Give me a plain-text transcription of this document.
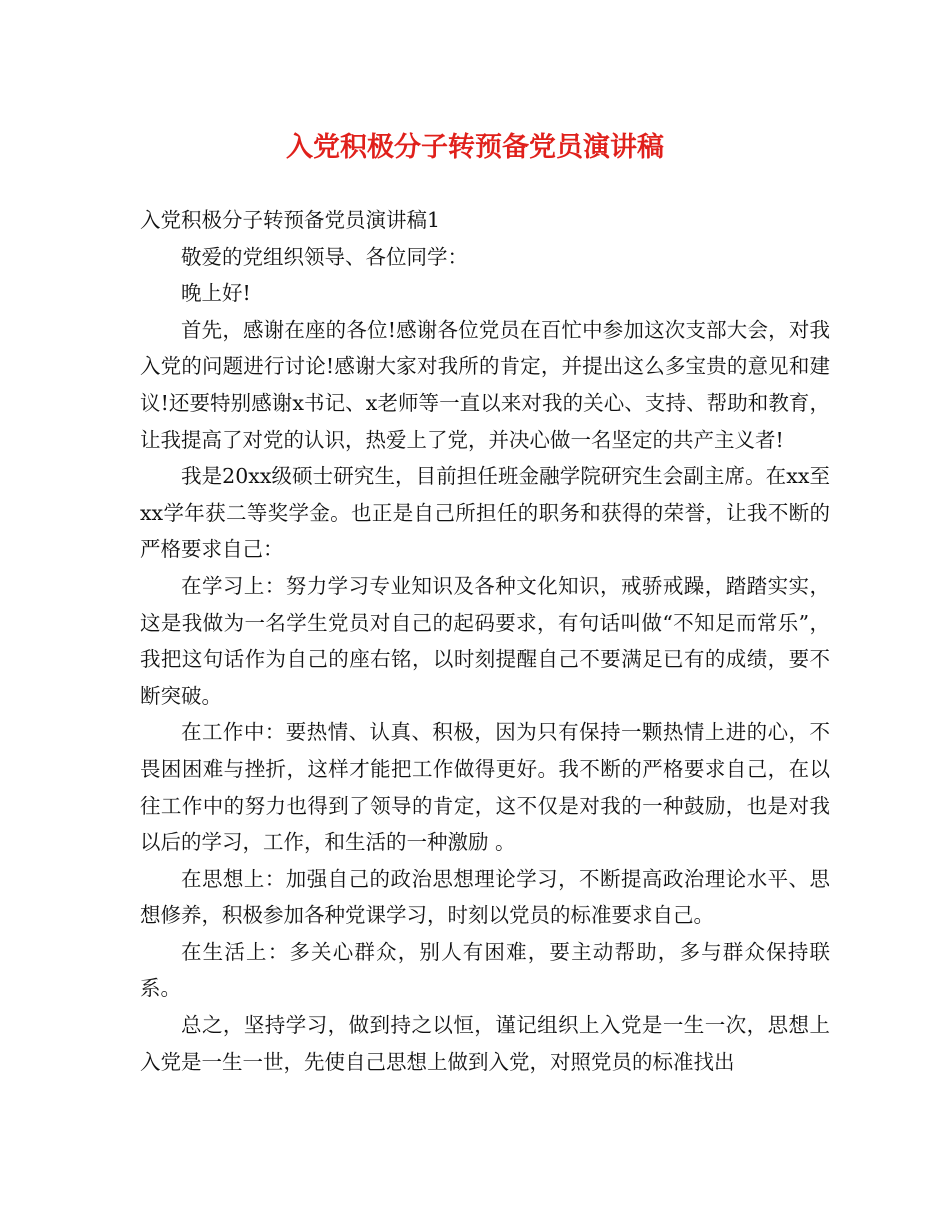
入党积极分子转预备党员演讲稿

入党积极分子转预备党员演讲稿1

敬爱的党组织领导、各位同学：

晚上好!

首先，感谢在座的各位!感谢各位党员在百忙中参加这次支部大会，对我入党的问题进行讨论!感谢大家对我所的肯定，并提出这么多宝贵的意见和建议!还要特别感谢x书记、x老师等一直以来对我的关心、支持、帮助和教育，让我提高了对党的认识，热爱上了党，并决心做一名坚定的共产主义者!

我是20xx级硕士研究生，目前担任班金融学院研究生会副主席。在xx至xx学年获二等奖学金。也正是自己所担任的职务和获得的荣誉，让我不断的严格要求自己：

在学习上：努力学习专业知识及各种文化知识，戒骄戒躁，踏踏实实，这是我做为一名学生党员对自己的起码要求，有句话叫做“不知足而常乐”，我把这句话作为自己的座右铭，以时刻提醒自己不要满足已有的成绩，要不断突破。

在工作中：要热情、认真、积极，因为只有保持一颗热情上进的心，不畏困困难与挫折，这样才能把工作做得更好。我不断的严格要求自己，在以往工作中的努力也得到了领导的肯定，这不仅是对我的一种鼓励，也是对我以后的学习，工作，和生活的一种激励 。

在思想上：加强自己的政治思想理论学习，不断提高政治理论水平、思想修养，积极参加各种党课学习，时刻以党员的标准要求自己。

在生活上：多关心群众，别人有困难，要主动帮助，多与群众保持联系。

总之，坚持学习，做到持之以恒，谨记组织上入党是一生一次，思想上入党是一生一世，先使自己思想上做到入党，对照党员的标准找出
